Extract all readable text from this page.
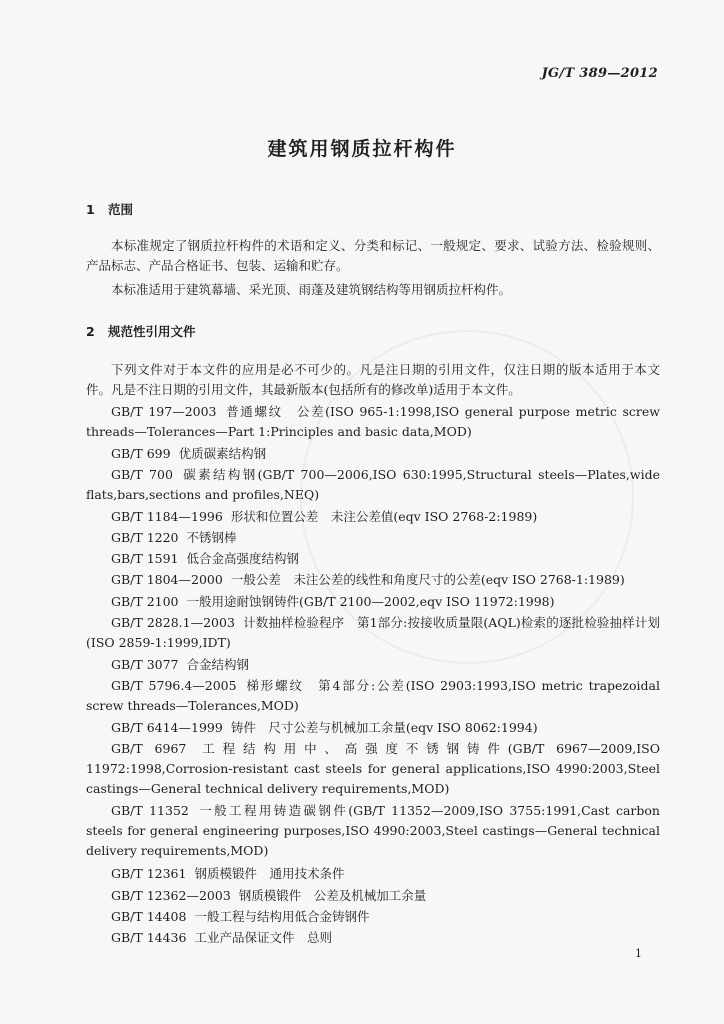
JG/T 389—2012
建筑用钢质拉杆构件
1 范围
本标准规定了钢质拉杆构件的术语和定义、分类和标记、一般规定、要求、试验方法、检验规则、产品标志、产品合格证书、包装、运输和贮存。
本标准适用于建筑幕墙、采光顶、雨蓬及建筑钢结构等用钢质拉杆构件。
2 规范性引用文件
下列文件对于本文件的应用是必不可少的。凡是注日期的引用文件，仅注日期的版本适用于本文件。凡是不注日期的引用文件，其最新版本(包括所有的修改单)适用于本文件。
GB/T 197—2003 普通螺纹　公差(ISO 965-1:1998,ISO general purpose metric screw threads—Tolerances—Part 1:Principles and basic data,MOD)
GB/T 699 优质碳素结构钢
GB/T 700 碳素结构钢(GB/T 700—2006,ISO 630:1995,Structural steels—Plates,wide flats,bars,sections and profiles,NEQ)
GB/T 1184—1996 形状和位置公差　未注公差值(eqv ISO 2768-2:1989)
GB/T 1220 不锈钢棒
GB/T 1591 低合金高强度结构钢
GB/T 1804—2000 一般公差　未注公差的线性和角度尺寸的公差(eqv ISO 2768-1:1989)
GB/T 2100 一般用途耐蚀钢铸件(GB/T 2100—2002,eqv ISO 11972:1998)
GB/T 2828.1—2003 计数抽样检验程序　第1部分:按接收质量限(AQL)检索的逐批检验抽样计划(ISO 2859-1:1999,IDT)
GB/T 3077 合金结构钢
GB/T 5796.4—2005 梯形螺纹　第4部分:公差(ISO 2903:1993,ISO metric trapezoidal screw threads—Tolerances,MOD)
GB/T 6414—1999 铸件　尺寸公差与机械加工余量(eqv ISO 8062:1994)
GB/T 6967 工程结构用中、高强度不锈钢铸件(GB/T 6967—2009,ISO 11972:1998,Corrosion-resistant cast steels for general applications,ISO 4990:2003,Steel castings—General technical delivery requirements,MOD)
GB/T 11352 一般工程用铸造碳钢件(GB/T 11352—2009,ISO 3755:1991,Cast carbon steels for general engineering purposes,ISO 4990:2003,Steel castings—General technical delivery requirements,MOD)
GB/T 12361 钢质模锻件　通用技术条件
GB/T 12362—2003 钢质模锻件　公差及机械加工余量
GB/T 14408 一般工程与结构用低合金铸钢件
GB/T 14436 工业产品保证文件　总则
1
